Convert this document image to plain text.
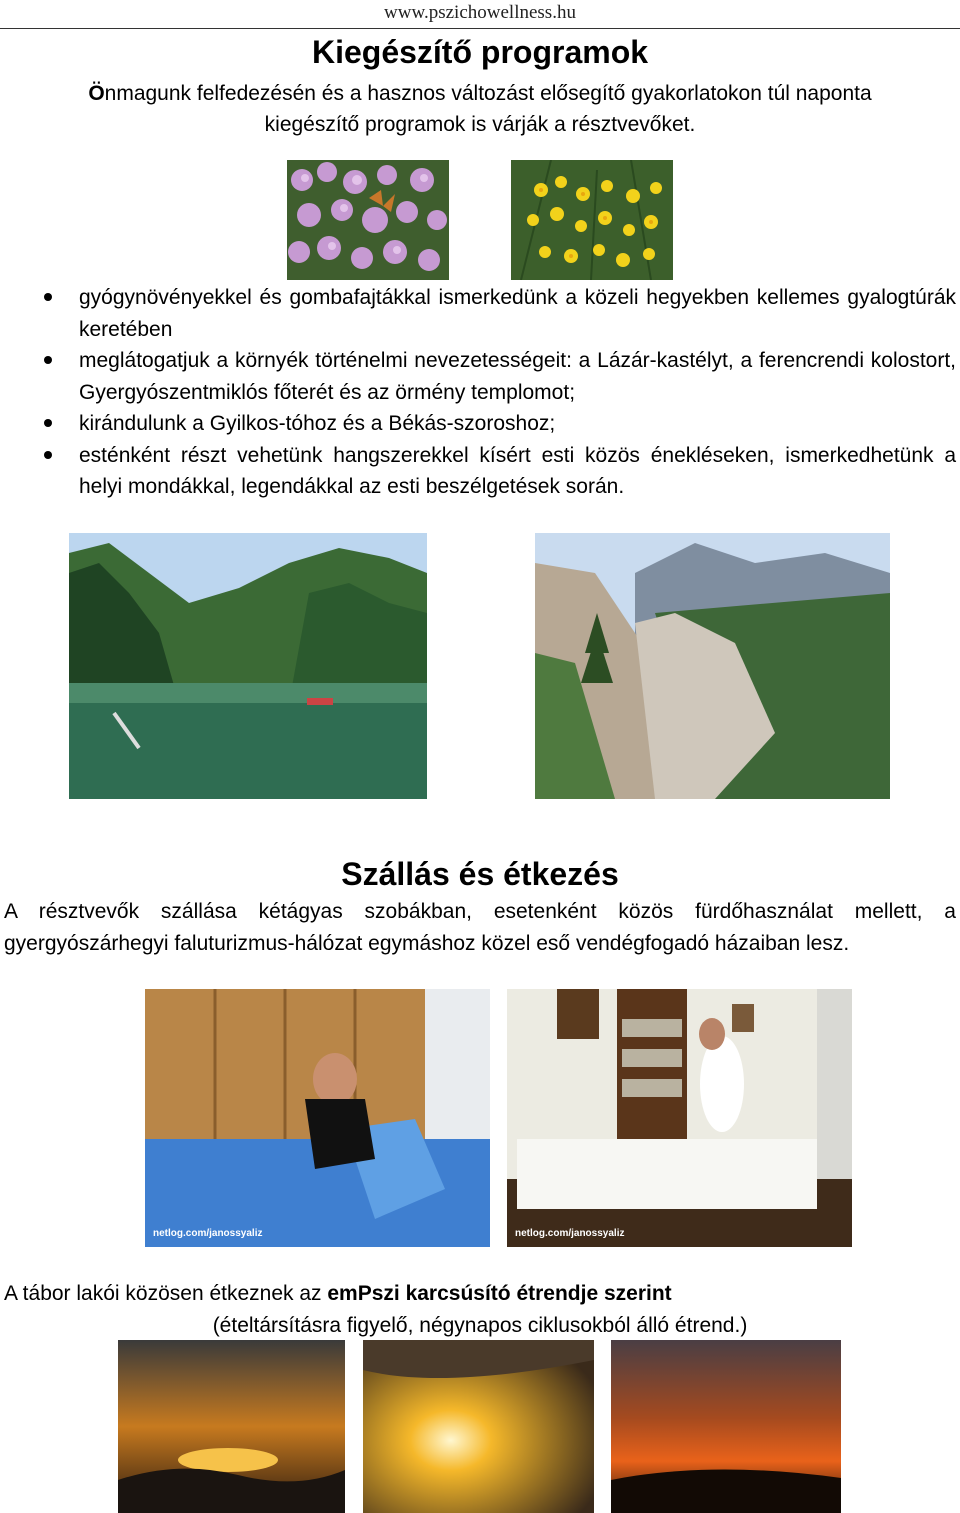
www.pszichowellness.hu
Kiegészítő programok
Önmagunk felfedezésén és a hasznos változást elősegítő gyakorlatokon túl naponta kiegészítő programok is várják a résztvevőket.
gyógynövényekkel és gombafajtákkal ismerkedünk a közeli hegyekben kellemes gyalogtúrák keretében
meglátogatjuk a környék történelmi nevezetességeit: a Lázár-kastélyt, a ferencrendi kolostort, Gyergyószentmiklós főterét és az örmény templomot;
kirándulunk a Gyilkos-tóhoz és a Békás-szoroshoz;
esténként részt vehetünk hangszerekkel kísért esti közös énekléseken, ismerkedhetünk a helyi mondákkal, legendákkal az esti beszélgetések során.
Szállás és étkezés
A résztvevők szállása kétágyas szobákban, esetenként közös fürdőhasználat mellett, a gyergyószárhegyi faluturizmus-hálózat egymáshoz közel eső vendégfogadó házaiban lesz.
netlog.com/janossyaliz	netlog.com/janossyaliz
A tábor lakói közösen étkeznek az emPszi karcsúsító étrendje szerint
(ételtársításra figyelő, négynapos ciklusokból álló étrend.)
